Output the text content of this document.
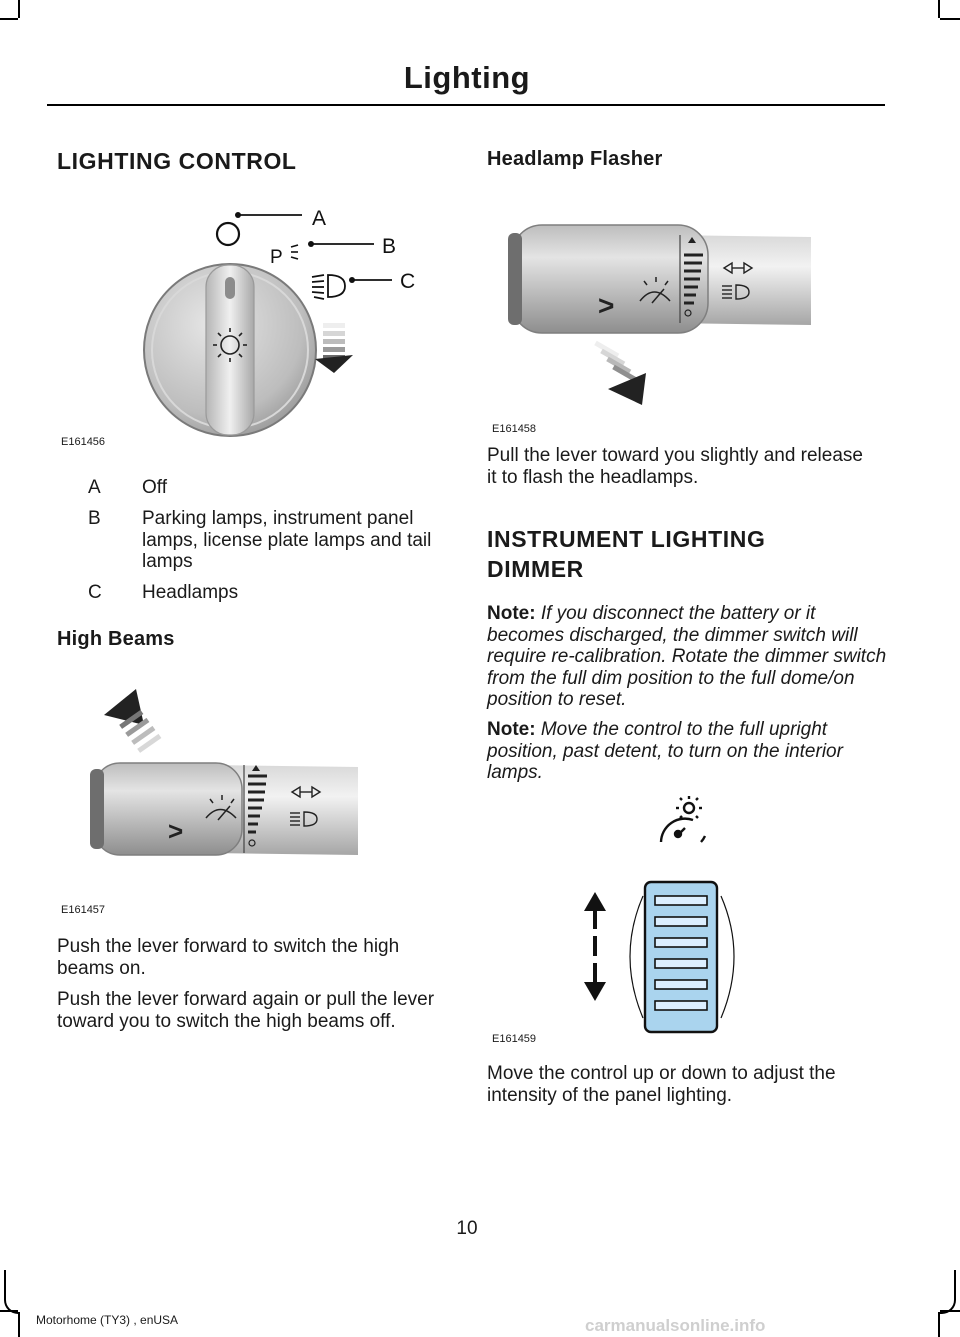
Lighting
LIGHTING CONTROL
P
A
B
C
E161456
A Off
B Parking lamps, instrument panel lamps, license plate lamps and tail lamps
C Headlamps
High Beams
>
E161457
Push the lever forward to switch the high beams on.
Push the lever forward again or pull the lever toward you to switch the high beams off.
Headlamp Flasher
>
E161458
Pull the lever toward you slightly and release it to flash the headlamps.
INSTRUMENT LIGHTING
DIMMER
Note: If you disconnect the battery or it becomes discharged, the dimmer switch will require re-calibration. Rotate the dimmer switch from the full dim position to the full dome/on position to reset.
Note: Move the control to the full upright position, past detent, to turn on the interior lamps.
E161459
Move the control up or down to adjust the intensity of the panel lighting.
10
Motorhome (TY3) , enUSA	carmanualsonline.info
